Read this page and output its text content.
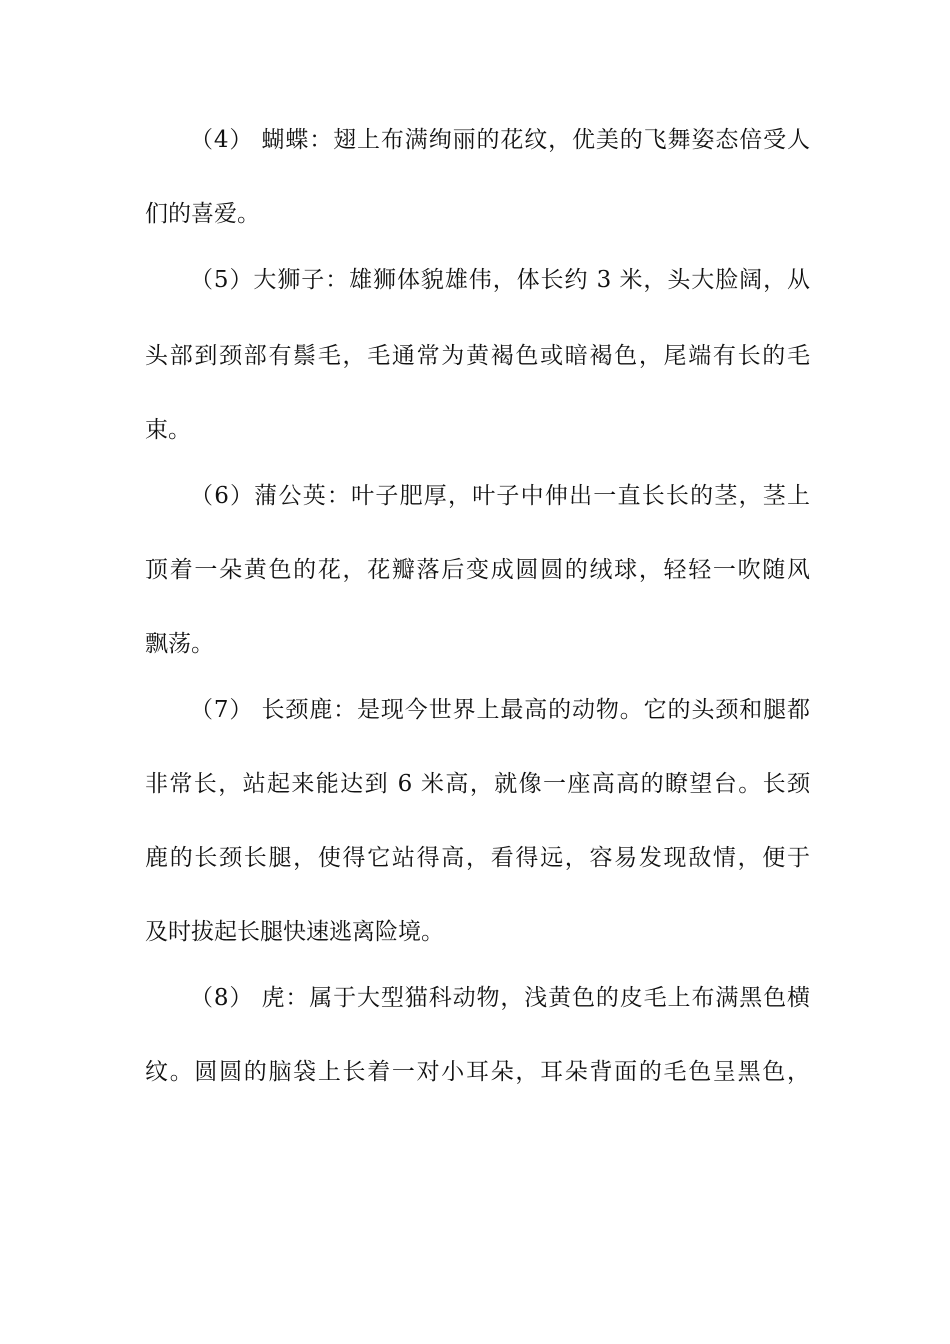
（4） 蝴蝶：翅上布满绚丽的花纹，优美的飞舞姿态倍受人
们的喜爱。
（5）大狮子：雄狮体貌雄伟，体长约 3 米，头大脸阔，从
头部到颈部有鬃毛，毛通常为黄褐色或暗褐色，尾端有长的毛
束。
（6）蒲公英：叶子肥厚，叶子中伸出一直长长的茎，茎上
顶着一朵黄色的花，花瓣落后变成圆圆的绒球，轻轻一吹随风
飘荡。
（7） 长颈鹿：是现今世界上最高的动物。它的头颈和腿都
非常长，站起来能达到 6 米高，就像一座高高的瞭望台。长颈
鹿的长颈长腿，使得它站得高，看得远，容易发现敌情，便于
及时拔起长腿快速逃离险境。
（8） 虎：属于大型猫科动物，浅黄色的皮毛上布满黑色横
纹。圆圆的脑袋上长着一对小耳朵，耳朵背面的毛色呈黑色，
